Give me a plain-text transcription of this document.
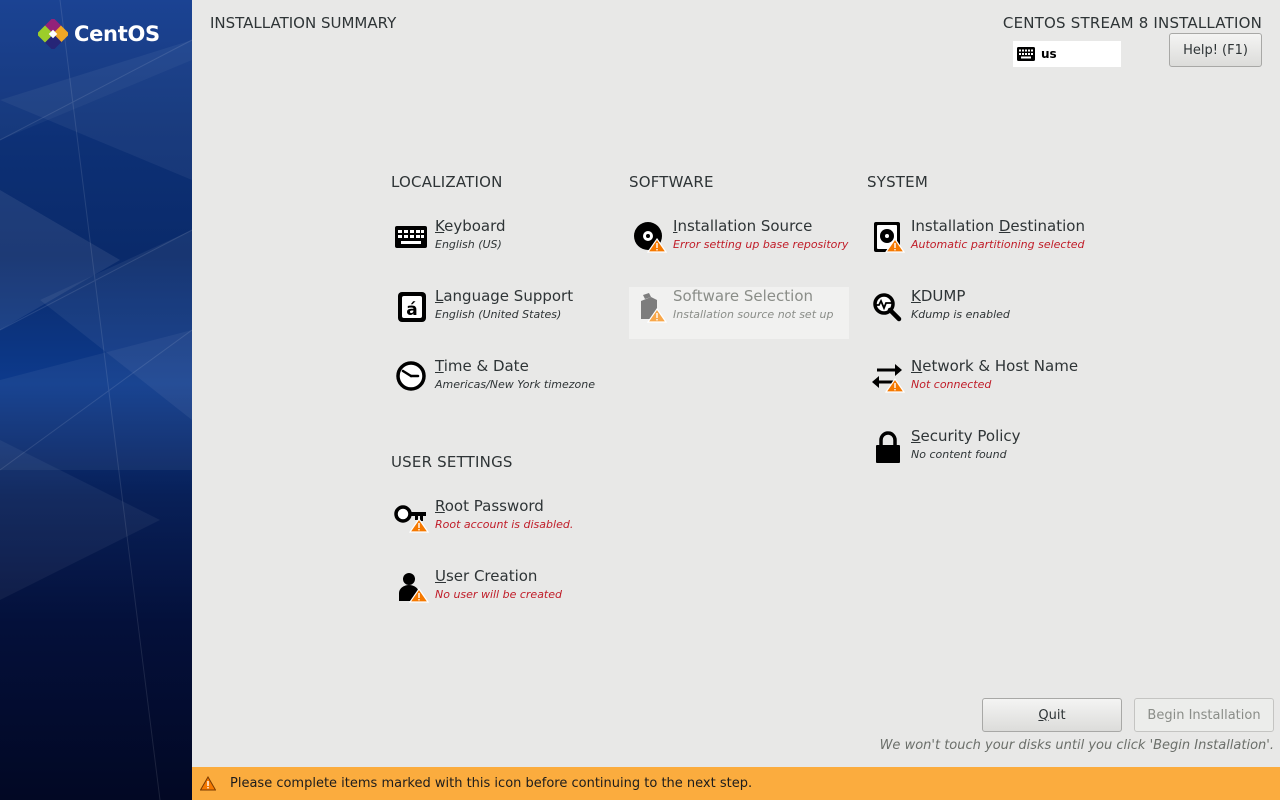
CentOS	INSTALLATION SUMMARY	CENTOS STREAM 8 INSTALLATION
us	Help! (F1)
LOCALIZATION	SOFTWARE	SYSTEM
USER SETTINGS
Keyboard
English (US)
á
Language Support
English (United States)
Time & Date
Americas/New York timezone
Installation Source
Error setting up base repository
Software Selection
Installation source not set up
Installation Destination
Automatic partitioning selected
KDUMP
Kdump is enabled
Network & Host Name
Not connected
Security Policy
No content found
Root Password
Root account is disabled.
User Creation
No user will be created
Q uit	Begin Installation
We won't touch your disks until you click 'Begin Installation'.
Please complete items marked with this icon before continuing to the next step.
